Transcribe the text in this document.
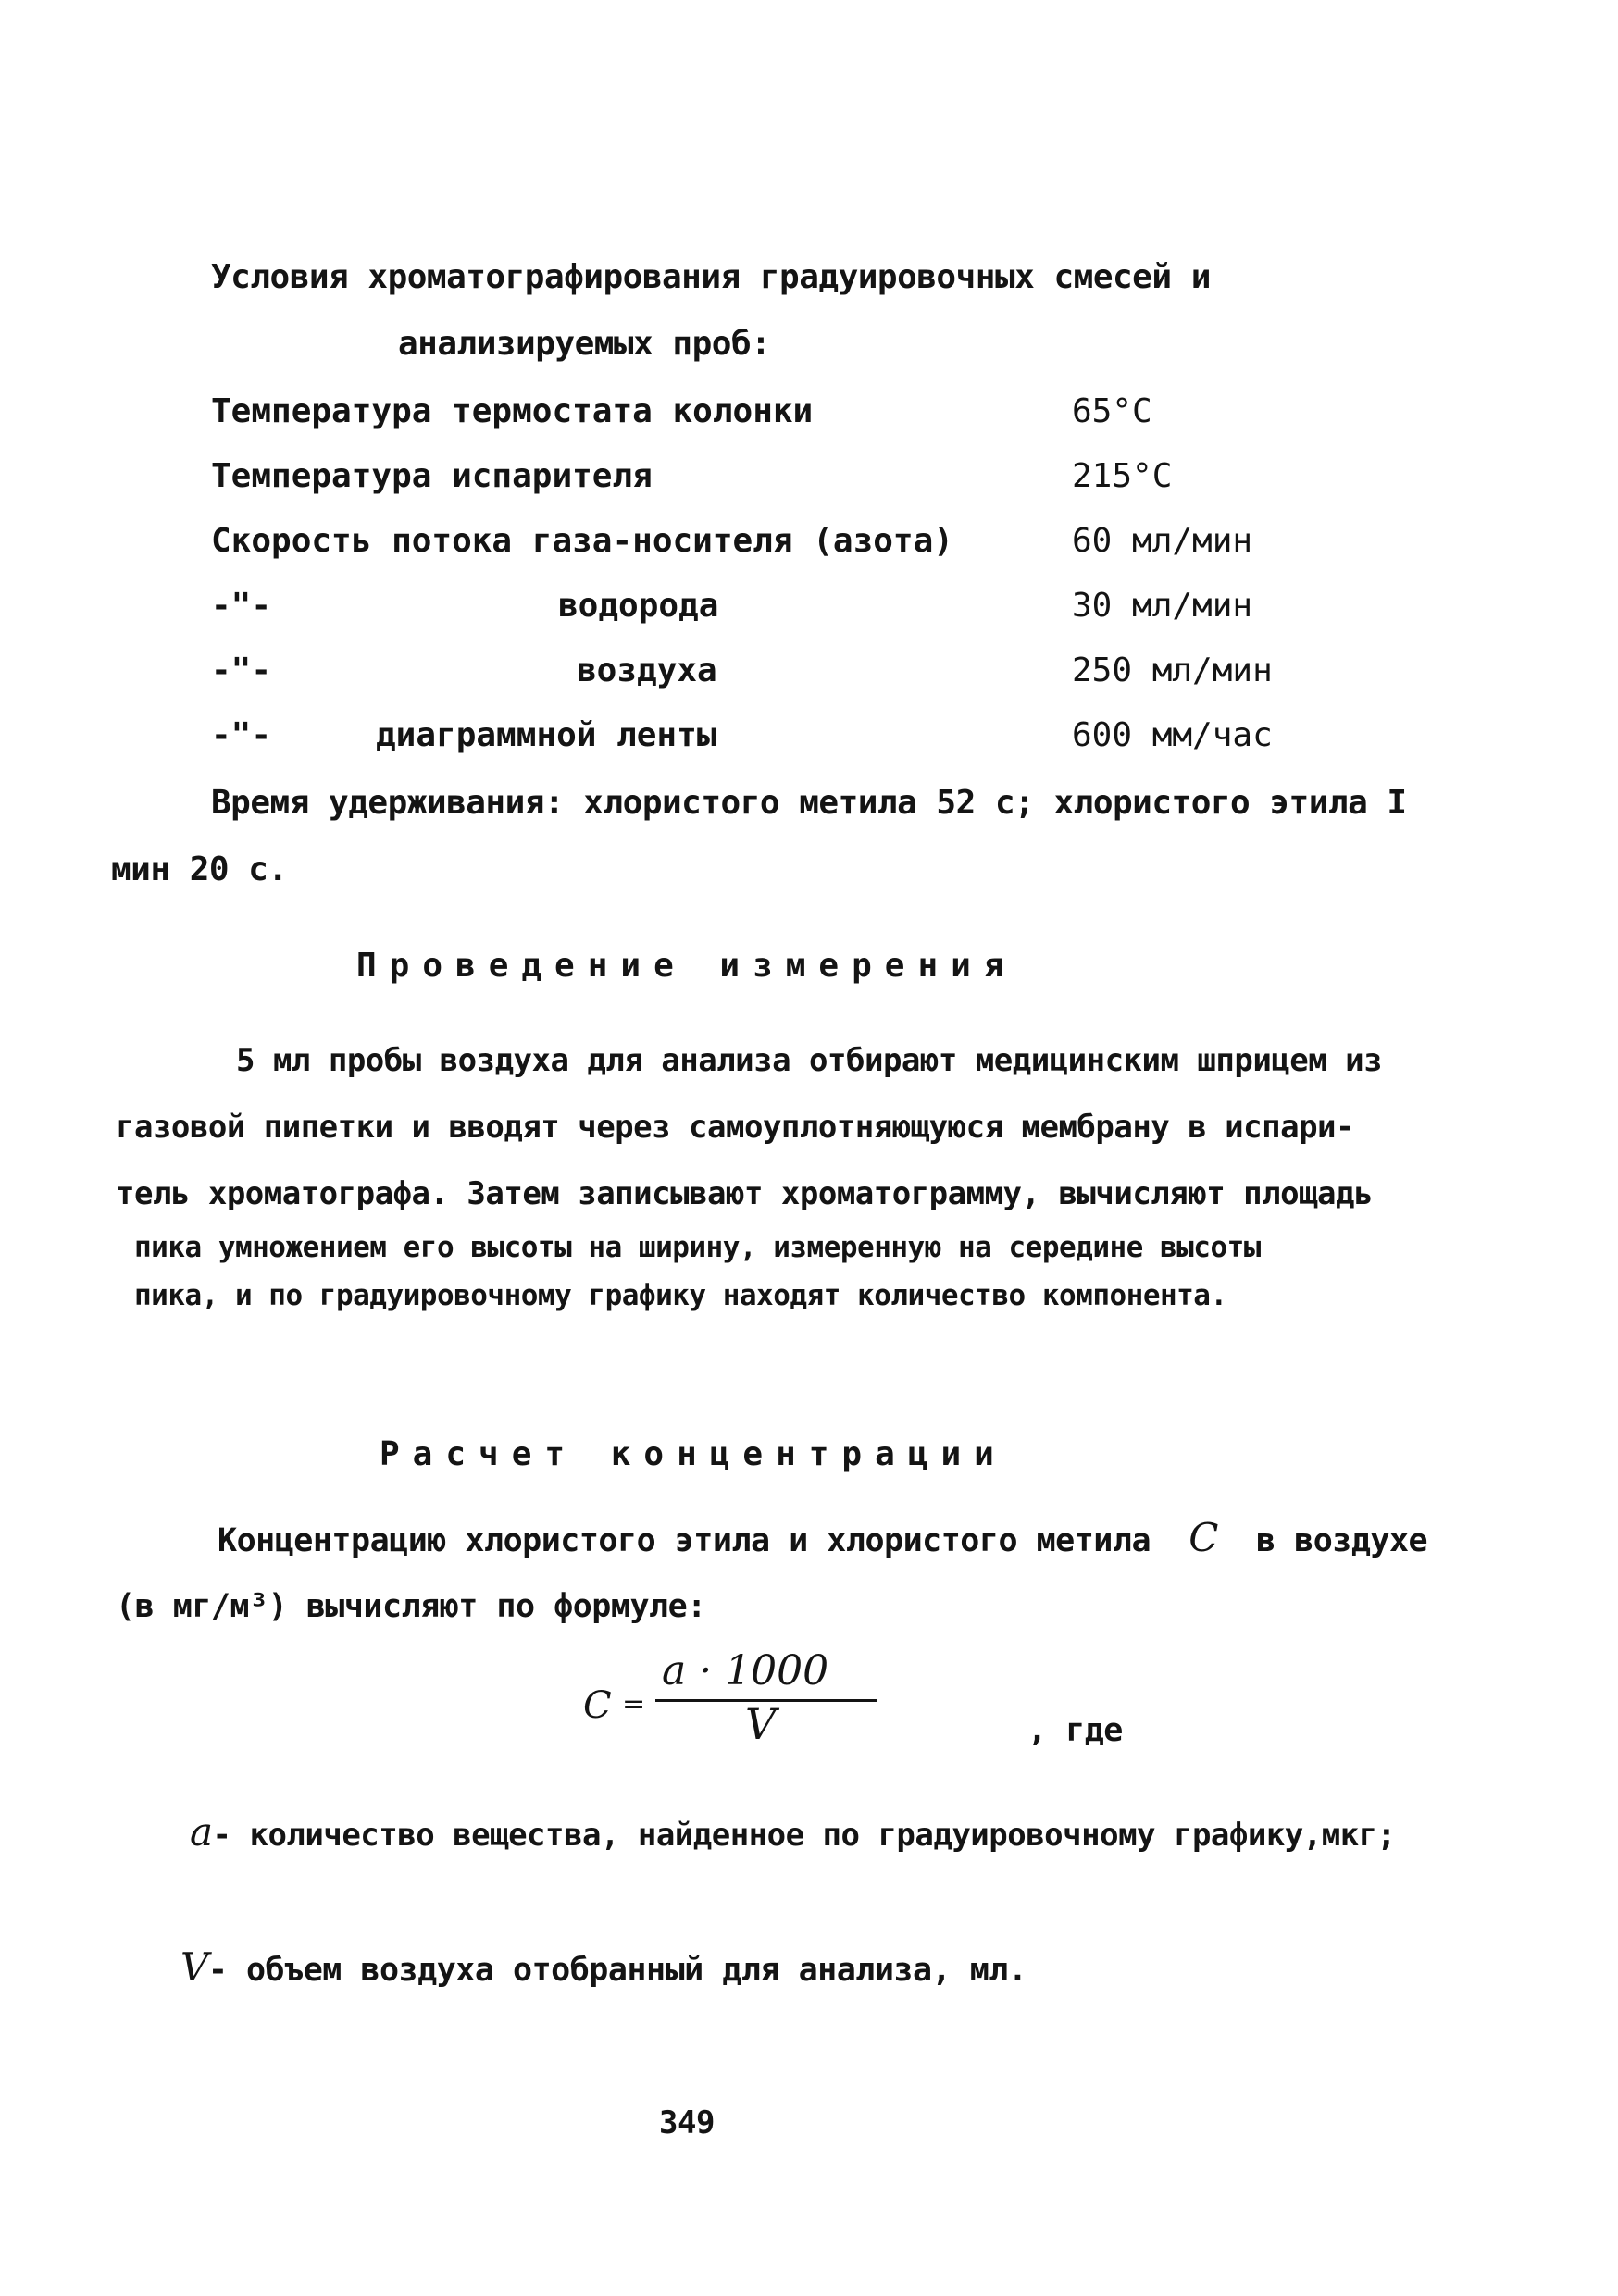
Условия хроматографирования градуировочных смесей и
анализируемых проб:
Температура термостата колонки	65°C
Температура испарителя	215°C
Скорость потока газа-носителя (азота)	60 мл/мин
-"-	водорода	30 мл/мин
-"-	воздуха	250 мл/мин
-"-	диаграммной ленты	600 мм/час
Время удерживания: хлористого метила 52 с; хлористого этила I
мин 20 с.
Проведение измерения
5 мл пробы воздуха для анализа отбирают медицинским шприцем из
газовой пипетки и вводят через самоуплотняющуюся мембрану в испари-
тель хроматографа. Затем записывают хроматограмму, вычисляют площадь
пика умножением его высоты на ширину, измеренную на середине высоты
пика, и по градуировочному графику находят количество компонента.
Расчет концентрации
Концентрацию хлористого этила и хлористого метила C в воздухе
(в мг/м³) вычисляют по формуле:
C =
a · 1000
V	, где
a- количество вещества, найденное по градуировочному графику,мкг;
V- объем воздуха отобранный для анализа, мл.
349
